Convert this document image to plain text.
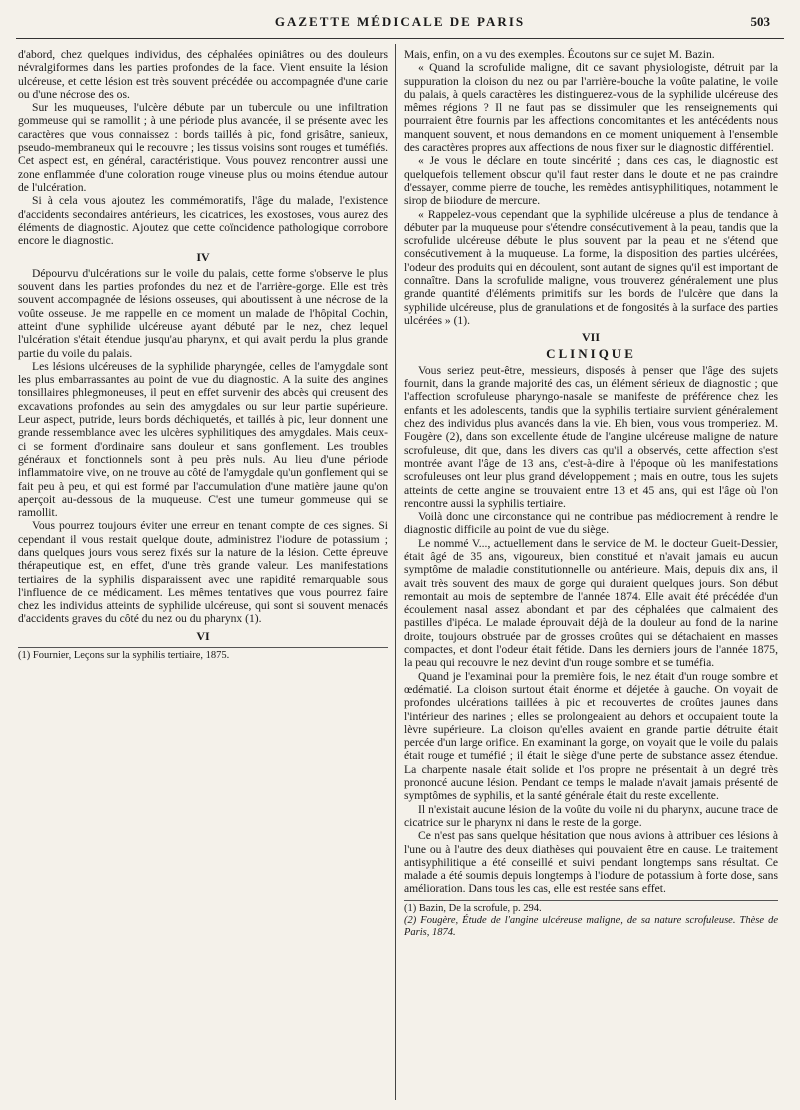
GAZETTE MÉDICALE DE PARIS	503

d'abord, chez quelques individus, des céphalées opiniâtres ou des douleurs névralgiformes dans les parties profondes de la face. Vient ensuite la lésion ulcéreuse, et cette lésion est très souvent précédée ou accompagnée d'une carie ou d'une nécrose des os.

Sur les muqueuses, l'ulcère débute par un tubercule ou une infiltration gommeuse qui se ramollit ; à une période plus avancée, il se présente avec les caractères que vous connaissez : bords taillés à pic, fond grisâtre, sanieux, pseudo-membraneux qui le recouvre ; les tissus voisins sont rouges et tuméfiés. Cet aspect est, en général, caractéristique. Vous pouvez rencontrer aussi une zone enflammée d'une coloration rouge vineuse plus ou moins étendue autour de l'ulcération.

Si à cela vous ajoutez les commémoratifs, l'âge du malade, l'existence d'accidents secondaires antérieurs, les cicatrices, les exostoses, vous aurez des éléments de diagnostic. Ajoutez que cette coïncidence pathologique corrobore encore le diagnostic.

IV

Dépourvu d'ulcérations sur le voile du palais, cette forme s'observe le plus souvent dans les parties profondes du nez et de l'arrière-gorge. Elle est très souvent accompagnée de lésions osseuses, qui aboutissent à une nécrose de la voûte osseuse. Je me rappelle en ce moment un malade de l'hôpital Cochin, atteint d'une syphilide ulcéreuse ayant débuté par le nez, chez lequel l'ulcération s'était étendue jusqu'au pharynx, et qui avait perdu la plus grande partie du voile du palais.

Les lésions ulcéreuses de la syphilide pharyngée, celles de l'amygdale sont les plus embarrassantes au point de vue du diagnostic. A la suite des angines tonsillaires phlegmoneuses, il peut en effet survenir des abcès qui creusent des excavations profondes au sein des amygdales ou sur leur partie supérieure. Leur aspect, putride, leurs bords déchiquetés, et taillés à pic, leur donnent une grande ressemblance avec les ulcères syphilitiques des amygdales. Mais ceux-ci se forment d'ordinaire sans douleur et sans gonflement. Les troubles généraux et fonctionnels sont à peu près nuls. Au lieu d'une période inflammatoire vive, on ne trouve au côté de l'amygdale qu'un gonflement qui se fait peu à peu, et qui est formé par l'accumulation d'une matière jaune qu'on aperçoit au-dessous de la muqueuse. C'est une tumeur gommeuse qui se ramollit.

Vous pourrez toujours éviter une erreur en tenant compte de ces signes. Si cependant il vous restait quelque doute, administrez l'iodure de potassium ; dans quelques jours vous serez fixés sur la nature de la lésion. Cette épreuve thérapeutique est, en effet, d'une très grande valeur. Les manifestations tertiaires de la syphilis disparaissent avec une rapidité remarquable sous l'influence de ce médicament. Les mêmes tentatives que vous pourrez faire chez les individus atteints de syphilide ulcéreuse, qui sont si souvent menacés d'accidents graves du côté du nez ou du pharynx (1).

VI
(1) Fournier, Leçons sur la syphilis tertiaire, 1875.

Mais, enfin, on a vu des exemples. Écoutons sur ce sujet M. Bazin.

« Quand la scrofulide maligne, dit ce savant physiologiste, détruit par la suppuration la cloison du nez ou par l'arrière-bouche la voûte palatine, le voile du palais, à quels caractères les distinguerez-vous de la syphilide ulcéreuse des mêmes régions ? Il ne faut pas se dissimuler que les renseignements qui pourraient être fournis par les affections concomitantes et les antécédents nous manquent souvent, et nous demandons en ce moment uniquement à l'ensemble des caractères propres aux affections de nous fixer sur le diagnostic différentiel.

« Je vous le déclare en toute sincérité ; dans ces cas, le diagnostic est quelquefois tellement obscur qu'il faut rester dans le doute et ne pas craindre d'essayer, comme pierre de touche, les remèdes antisyphilitiques, notamment le sirop de biiodure de mercure.

« Rappelez-vous cependant que la syphilide ulcéreuse a plus de tendance à débuter par la muqueuse pour s'étendre consécutivement à la peau, tandis que la scrofulide ulcéreuse débute le plus souvent par la peau et ne s'étend que consécutivement à la muqueuse. La forme, la disposition des parties ulcérées, l'odeur des produits qui en découlent, sont autant de signes qu'il est important de connaître. Dans la scrofulide maligne, vous trouverez généralement une plus grande quantité d'éléments primitifs sur les bords de l'ulcère que dans la syphilide ulcéreuse, plus de granulations et de fongosités à la surface des parties ulcérées » (1).

VII
CLINIQUE

Vous seriez peut-être, messieurs, disposés à penser que l'âge des sujets fournit, dans la grande majorité des cas, un élément sérieux de diagnostic ; que l'affection scrofuleuse pharyngo-nasale se manifeste de préférence chez les enfants et les adolescents, tandis que la syphilis tertiaire survient généralement chez des individus plus avancés dans la vie. Eh bien, vous vous tromperiez. M. Fougère (2), dans son excellente étude de l'angine ulcéreuse maligne de nature scrofuleuse, dit que, dans les divers cas qu'il a observés, cette affection s'est montrée avant l'âge de 13 ans, c'est-à-dire à l'époque où les manifestations scrofuleuses ont leur plus grand développement ; mais en outre, tous les sujets atteints de cette angine se trouvaient entre 13 et 45 ans, qui est l'âge où l'on rencontre aussi la syphilis tertiaire.

Voilà donc une circonstance qui ne contribue pas médiocrement à rendre le diagnostic difficile au point de vue du siège.

Le nommé V..., actuellement dans le service de M. le docteur Gueit-Dessier, était âgé de 35 ans, vigoureux, bien constitué et n'avait jamais eu aucun symptôme de maladie constitutionnelle ou antérieure. Mais, depuis dix ans, il avait très souvent des maux de gorge qui duraient quelques jours. Son début remontait au mois de septembre de l'année 1874. Elle avait été précédée d'un écoulement nasal assez abondant et par des céphalées que calmaient des pastilles d'ipéca. Le malade éprouvait déjà de la douleur au fond de la narine droite, toujours obstruée par de grosses croûtes qui se détachaient en masses compactes, et dont l'odeur était fétide. Dans les derniers jours de l'année 1875, la peau qui recouvre le nez devint d'un rouge sombre et se tuméfia.

Quand je l'examinai pour la première fois, le nez était d'un rouge sombre et œdématié. La cloison surtout était énorme et déjetée à gauche. On voyait de profondes ulcérations taillées à pic et recouvertes de croûtes jaunes dans l'intérieur des narines ; elles se prolongeaient au dehors et occupaient toute la lèvre supérieure. La cloison qu'elles avaient en grande partie détruite était percée d'un large orifice. En examinant la gorge, on voyait que le voile du palais était rouge et tuméfié ; il était le siège d'une perte de substance assez étendue. La charpente nasale était solide et l'os propre ne présentait à un degré très prononcé aucune lésion. Pendant ce temps le malade n'avait jamais présenté de symptômes de syphilis, et la santé générale était du reste excellente.

Il n'existait aucune lésion de la voûte du voile ni du pharynx, aucune trace de cicatrice sur le pharynx ni dans le reste de la gorge.

Ce n'est pas sans quelque hésitation que nous avions à attribuer ces lésions à l'une ou à l'autre des deux diathèses qui pouvaient être en cause. Le traitement antisyphilitique a été conseillé et suivi pendant longtemps sans résultat. Ce malade a été soumis depuis longtemps à l'iodure de potassium à forte dose, sans amélioration. Dans tous les cas, elle est restée sans effet.

(1) Bazin, De la scrofule, p. 294.
(2) Fougère, Étude de l'angine ulcéreuse maligne, de sa nature scrofuleuse. Thèse de Paris, 1874.
